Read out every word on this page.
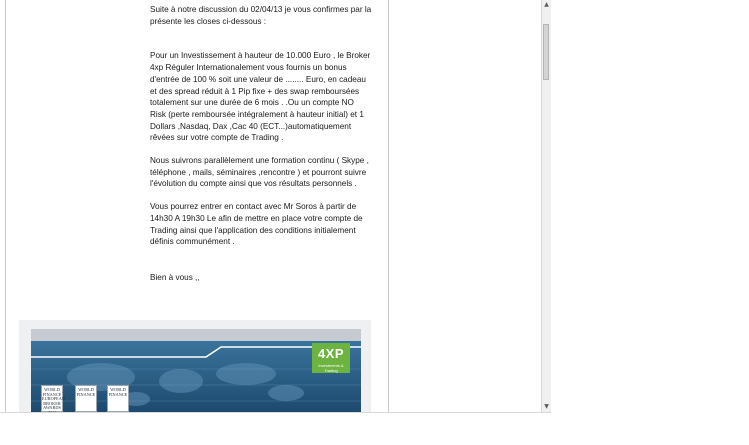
Suite à notre discussion du 02/04/13 je vous confirmes par la présente les closes ci-dessous :

Pour un Investissement à hauteur de 10.000 Euro , le Broker 4xp Réguler Internationalement vous fournis un bonus d'entrée de 100 % soit une valeur de ........ Euro, en cadeau et des spread réduit à 1 Pip fixe + des swap remboursées totalement sur une durée de 6 mois . .Ou un compte NO Risk (perte remboursée intégralement à hauteur initial) et 1 Dollars ,Nasdaq, Dax ,Cac 40 (ECT...)automatiquement rêvées sur votre compte de Trading .

Nous suivrons parallèlement une formation continu ( Skype , téléphone , mails, séminaires ,rencontre ) et pourront suivre l'évolution du compte ainsi que vos résultats personnels .

Vous pourrez entrer en contact avec Mr Soros à partir de 14h30 A 19h30 Le afin de mettre en place votre compte de Trading ainsi que l'application des conditions initialement définis communément .

Bien à vous ,,

4XP
Investments & Trading
WORLD FINANCE EUROPEAN BROKER AWARDS
WORLD FINANCE
WORLD FINANCE
▲
▼
